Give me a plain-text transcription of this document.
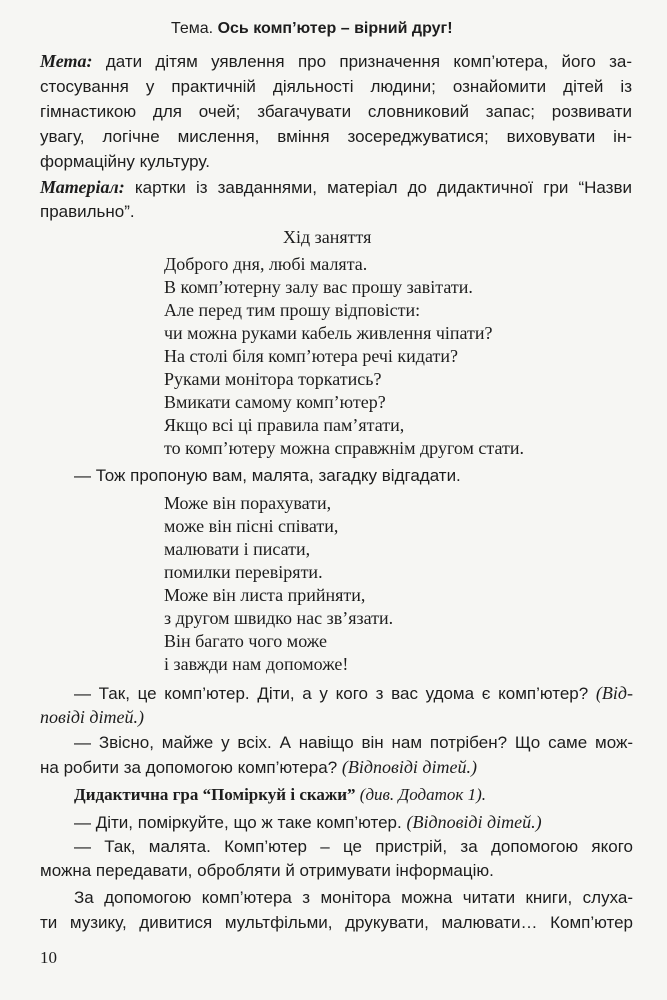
Тема. Ось комп’ютер – вірний друг!
Мета: дати дітям уявлення про призначення комп’ютера, його за-
стосування у практичній діяльності людини; ознайомити дітей із
гімнастикою для очей; збагачувати словниковий запас; розвивати
увагу, логічне мислення, вміння зосереджуватися; виховувати ін-
формаційну культуру.
Матеріал: картки із завданнями, матеріал до дидактичної гри “Назви
правильно”.
Хід заняття
Доброго дня, любі малята.
В комп’ютерну залу вас прошу завітати.
Але перед тим прошу відповісти:
чи можна руками кабель живлення чіпати?
На столі біля комп’ютера речі кидати?
Руками монітора торкатись?
Вмикати самому комп’ютер?
Якщо всі ці правила пам’ятати,
то комп’ютеру можна справжнім другом стати.
— Тож пропоную вам, малята, загадку відгадати.
Може він порахувати,
може він пісні співати,
малювати і писати,
помилки перевіряти.
Може він листа прийняти,
з другом швидко нас зв’язати.
Він багато чого може
і завжди нам допоможе!
— Так, це комп’ютер. Діти, а у кого з вас удома є комп’ютер? (Від-
повіді дітей.)
— Звісно, майже у всіх. А навіщо він нам потрібен? Що саме мож-
на робити за допомогою комп’ютера? (Відповіді дітей.)
Дидактична гра “Поміркуй і скажи” (див. Додаток 1).
— Діти, поміркуйте, що ж таке комп’ютер. (Відповіді дітей.)
— Так, малята. Комп’ютер – це пристрій, за допомогою якого
можна передавати, обробляти й отримувати інформацію.
За допомогою комп’ютера з монітора можна читати книги, слуха-
ти музику, дивитися мультфільми, друкувати, малювати… Комп’ютер
10
